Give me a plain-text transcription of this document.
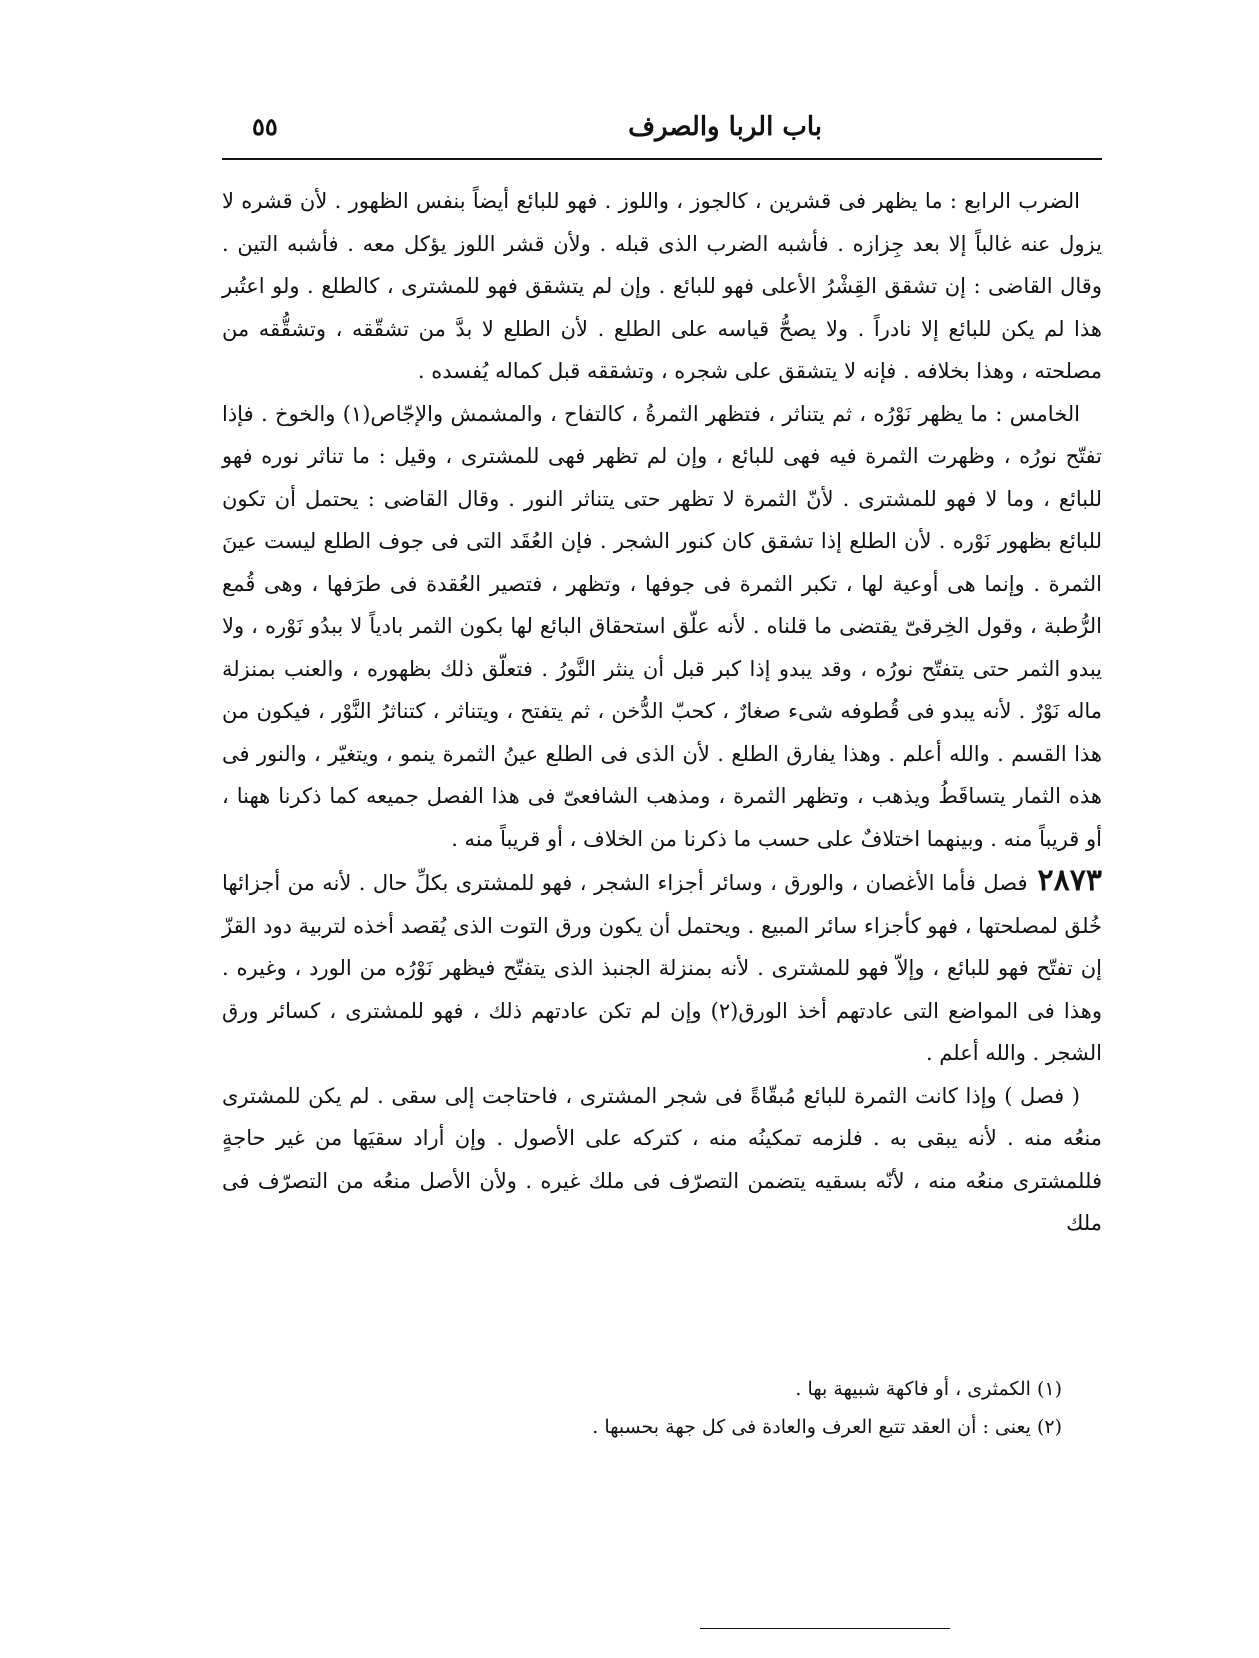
باب الربا والصرف
٥٥

الضرب الرابع : ما يظهر فى قشرين ، كالجوز ، واللوز . فهو للبائع أيضاً بنفس الظهور . لأن قشره لا يزول عنه غالباً إلا بعد جِزازه . فأشبه الضرب الذى قبله . ولأن قشر اللوز يؤكل معه . فأشبه التين . وقال القاضى : إن تشقق القِشْرُ الأعلى فهو للبائع . وإن لم يتشقق فهو للمشترى ، كالطلع . ولو اعتُبر هذا لم يكن للبائع إلا نادراً . ولا يصحُّ قياسه على الطلع . لأن الطلع لا بدَّ من تشقّقه ، وتشقُّقه من مصلحته ، وهذا بخلافه . فإنه لا يتشقق على شجره ، وتشققه قبل كماله يُفسده .

الخامس : ما يظهر نَوْرُه ، ثم يتناثر ، فتظهر الثمرةُ ، كالتفاح ، والمشمش والإجّاص(١) والخوخ . فإذا تفتّح نورُه ، وظهرت الثمرة فيه فهى للبائع ، وإن لم تظهر فهى للمشترى ، وقيل : ما تناثر نوره فهو للبائع ، وما لا فهو للمشترى . لأنّ الثمرة لا تظهر حتى يتناثر النور . وقال القاضى : يحتمل أن تكون للبائع بظهور نَوْره . لأن الطلع إذا تشقق كان كنور الشجر . فإن العُقَد التى فى جوف الطلع ليست عينَ الثمرة . وإنما هى أوعية لها ، تكبر الثمرة فى جوفها ، وتظهر ، فتصير العُقدة فى طرَفها ، وهى قُمع الرُّطبة ، وقول الخِرقىّ يقتضى ما قلناه . لأنه علّق استحقاق البائع لها بكون الثمر بادياً لا ببدُو نَوْره ، ولا يبدو الثمر حتى يتفتّح نورُه ، وقد يبدو إذا كبر قبل أن ينثر النَّورُ . فتعلّق ذلك بظهوره ، والعنب بمنزلة ماله نَوْرٌ . لأنه يبدو فى قُطوفه شىء صغارٌ ، كحبّ الدُّخن ، ثم يتفتح ، ويتناثر ، كتناثرُ النَّوْر ، فيكون من هذا القسم . والله أعلم . وهذا يفارق الطلع . لأن الذى فى الطلع عينُ الثمرة ينمو ، ويتغيّر ، والنور فى هذه الثمار يتساقَطُ ويذهب ، وتظهر الثمرة ، ومذهب الشافعىّ فى هذا الفصل جميعه كما ذكرنا ههنا ، أو قريباً منه . وبينهما اختلافٌ على حسب ما ذكرنا من الخلاف ، أو قريباً منه .

٢٨٧٣فصل فأما الأغصان ، والورق ، وسائر أجزاء الشجر ، فهو للمشترى بكلِّ حال . لأنه من أجزائها خُلق لمصلحتها ، فهو كأجزاء سائر المبيع . ويحتمل أن يكون ورق التوت الذى يُقصد أخذه لتربية دود القزّ إن تفتّح فهو للبائع ، وإلاّ فهو للمشترى . لأنه بمنزلة الجنبذ الذى يتفتّح فيظهر نَوْرُه من الورد ، وغيره . وهذا فى المواضع التى عادتهم أخذ الورق(٢) وإن لم تكن عادتهم ذلك ، فهو للمشترى ، كسائر ورق الشجر . والله أعلم .

( فصل ) وإذا كانت الثمرة للبائع مُبقّاةً فى شجر المشترى ، فاحتاجت إلى سقى . لم يكن للمشترى منعُه منه . لأنه يبقى به . فلزمه تمكينُه منه ، كتركه على الأصول . وإن أراد سقيَها من غير حاجةٍ فللمشترى منعُه منه ، لأنّه بسقيه يتضمن التصرّف فى ملك غيره . ولأن الأصل منعُه من التصرّف فى ملك

(١) الكمثرى ، أو فاكهة شبيهة بها .

(٢) يعنى : أن العقد تتبع العرف والعادة فى كل جهة بحسبها .
